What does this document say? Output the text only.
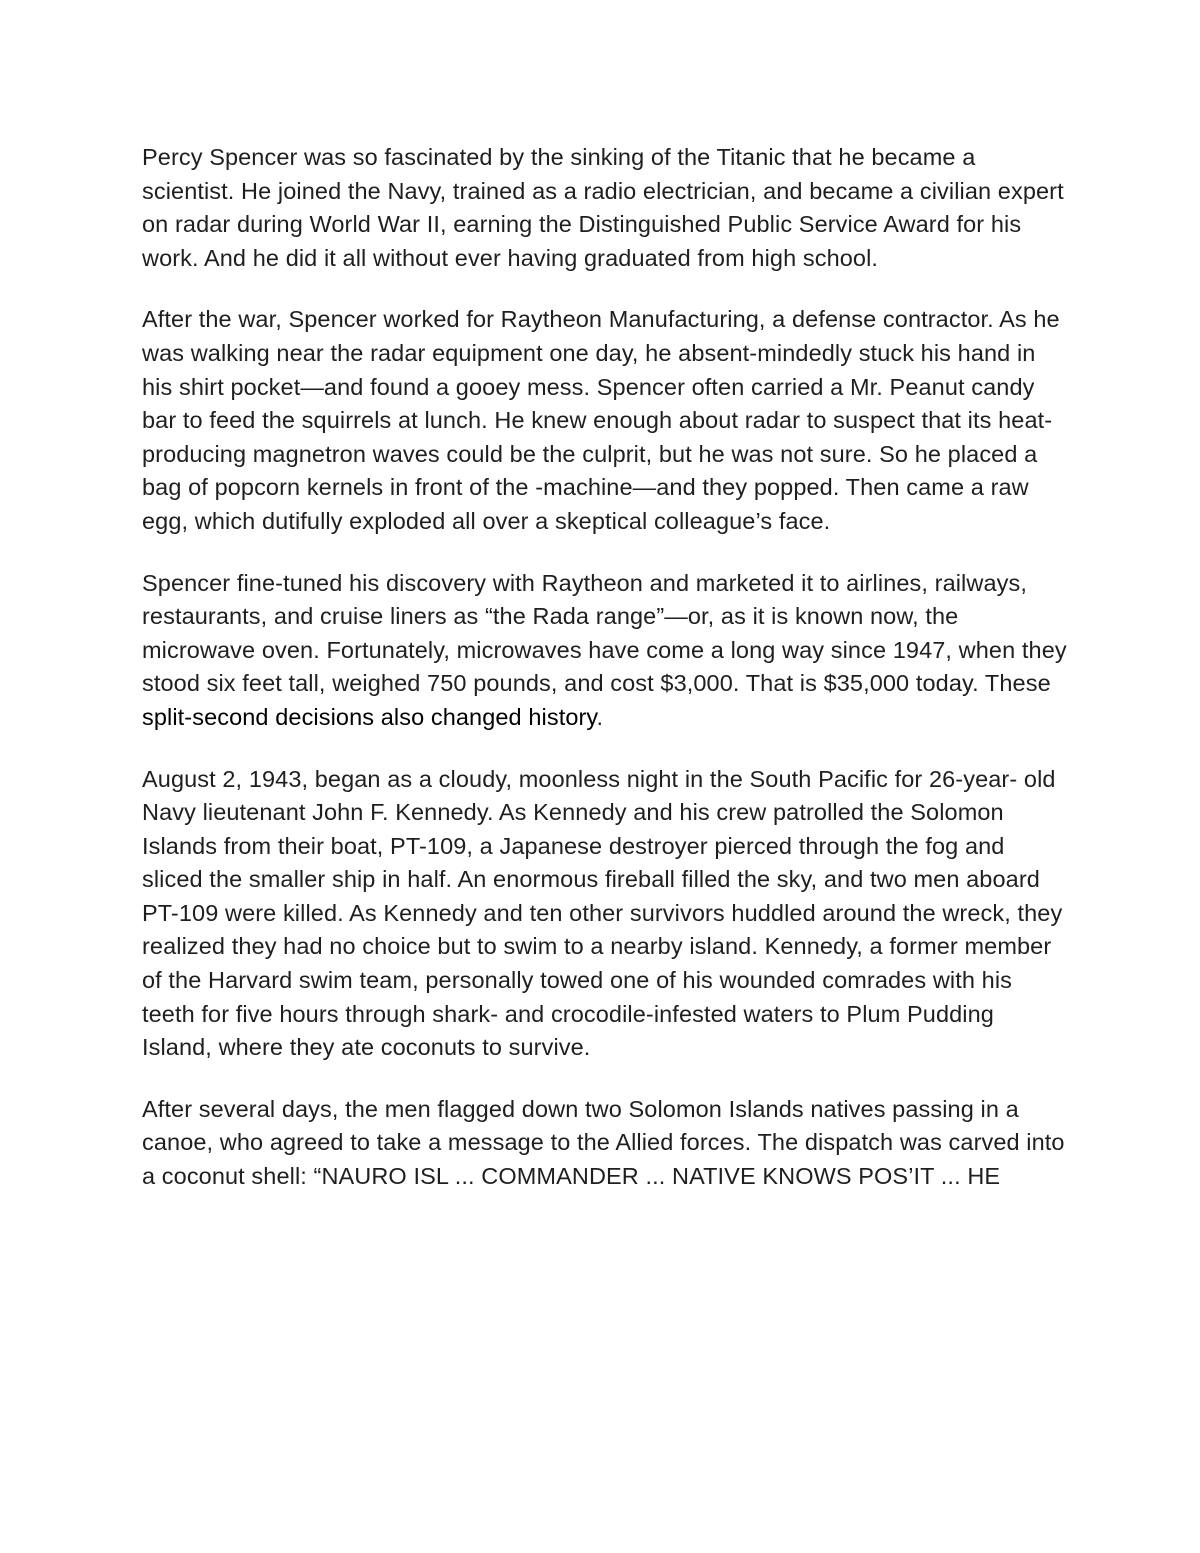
Percy Spencer was so fascinated by the sinking of the Titanic that he became a scientist. He joined the Navy, trained as a radio electrician, and became a civilian expert on radar during World War II, earning the Distinguished Public Service Award for his work. And he did it all without ever having graduated from high school.

After the war, Spencer worked for Raytheon Manufacturing, a defense contractor. As he was walking near the radar equipment one day, he absent-mindedly stuck his hand in his shirt pocket—and found a gooey mess. Spencer often carried a Mr. Peanut candy bar to feed the squirrels at lunch. He knew enough about radar to suspect that its heat-producing magnetron waves could be the culprit, but he was not sure. So he placed a bag of popcorn kernels in front of the -machine—and they popped. Then came a raw egg, which dutifully exploded all over a skeptical colleague’s face.

Spencer fine-tuned his discovery with Raytheon and marketed it to airlines, railways, restaurants, and cruise liners as “the Rada range”—or, as it is known now, the microwave oven. Fortunately, microwaves have come a long way since 1947, when they stood six feet tall, weighed 750 pounds, and cost $3,000. That is $35,000 today. These split-second decisions also changed history.

August 2, 1943, began as a cloudy, moonless night in the South Pacific for 26-year- old Navy lieutenant John F. Kennedy. As Kennedy and his crew patrolled the Solomon Islands from their boat, PT-109, a Japanese destroyer pierced through the fog and sliced the smaller ship in half. An enormous fireball filled the sky, and two men aboard PT-109 were killed. As Kennedy and ten other survivors huddled around the wreck, they realized they had no choice but to swim to a nearby island. Kennedy, a former member of the Harvard swim team, personally towed one of his wounded comrades with his teeth for five hours through shark- and crocodile-infested waters to Plum Pudding Island, where they ate coconuts to survive.

After several days, the men flagged down two Solomon Islands natives passing in a canoe, who agreed to take a message to the Allied forces. The dispatch was carved into a coconut shell: “NAURO ISL ... COMMANDER ... NATIVE KNOWS POS’IT ... HE
